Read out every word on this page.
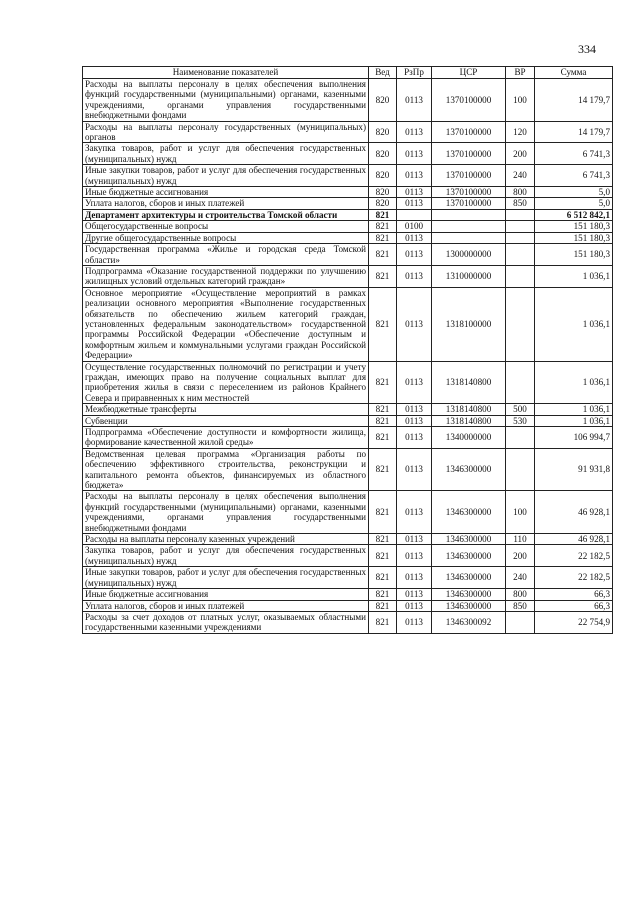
334
Наименование показателей	Вед	РзПр	ЦСР	ВР	Сумма
Расходы на выплаты персоналу в целях обеспечения выполнения функций государственными (муниципальными) органами, казенными учреждениями, органами управления государственными внебюджетными фондами	820	0113	1370100000	100	14 179,7
Расходы на выплаты персоналу государственных (муниципальных) органов	820	0113	1370100000	120	14 179,7
Закупка товаров, работ и услуг для обеспечения государственных (муниципальных) нужд	820	0113	1370100000	200	6 741,3
Иные закупки товаров, работ и услуг для обеспечения государственных (муниципальных) нужд	820	0113	1370100000	240	6 741,3
Иные бюджетные ассигнования	820	0113	1370100000	800	5,0
Уплата налогов, сборов и иных платежей	820	0113	1370100000	850	5,0
Департамент архитектуры и строительства Томской области	821				6 512 842,1
Общегосударственные вопросы	821	0100			151 180,3
Другие общегосударственные вопросы	821	0113			151 180,3
Государственная программа «Жилье и городская среда Томской области»	821	0113	1300000000		151 180,3
Подпрограмма «Оказание государственной поддержки по улучшению жилищных условий отдельных категорий граждан»	821	0113	1310000000		1 036,1
Основное мероприятие «Осуществление мероприятий в рамках реализации основного мероприятия «Выполнение государственных обязательств по обеспечению жильем категорий граждан, установленных федеральным законодательством» государственной программы Российской Федерации «Обеспечение доступным и комфортным жильем и коммунальными услугами граждан Российской Федерации»	821	0113	1318100000		1 036,1
Осуществление государственных полномочий по регистрации и учету граждан, имеющих право на получение социальных выплат для приобретения жилья в связи с переселением из районов Крайнего Севера и приравненных к ним местностей	821	0113	1318140800		1 036,1
Межбюджетные трансферты	821	0113	1318140800	500	1 036,1
Субвенции	821	0113	1318140800	530	1 036,1
Подпрограмма «Обеспечение доступности и комфортности жилища, формирование качественной жилой среды»	821	0113	1340000000		106 994,7
Ведомственная целевая программа «Организация работы по обеспечению эффективного строительства, реконструкции и капитального ремонта объектов, финансируемых из областного бюджета»	821	0113	1346300000		91 931,8
Расходы на выплаты персоналу в целях обеспечения выполнения функций государственными (муниципальными) органами, казенными учреждениями, органами управления государственными внебюджетными фондами	821	0113	1346300000	100	46 928,1
Расходы на выплаты персоналу казенных учреждений	821	0113	1346300000	110	46 928,1
Закупка товаров, работ и услуг для обеспечения государственных (муниципальных) нужд	821	0113	1346300000	200	22 182,5
Иные закупки товаров, работ и услуг для обеспечения государственных (муниципальных) нужд	821	0113	1346300000	240	22 182,5
Иные бюджетные ассигнования	821	0113	1346300000	800	66,3
Уплата налогов, сборов и иных платежей	821	0113	1346300000	850	66,3
Расходы за счет доходов от платных услуг, оказываемых областными государственными казенными учреждениями	821	0113	1346300092		22 754,9
